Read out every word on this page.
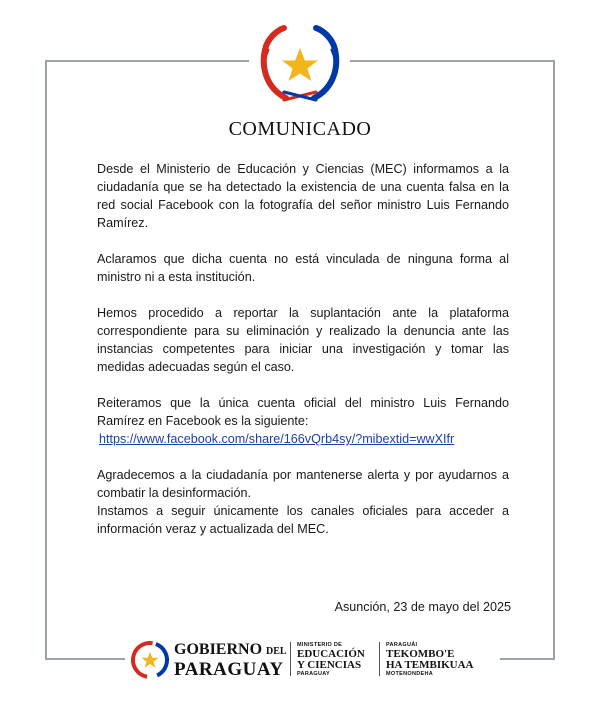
COMUNICADO

Desde el Ministerio de Educación y Ciencias (MEC) informamos a la ciudadanía que se ha detectado la existencia de una cuenta falsa en la red social Facebook con la fotografía del señor ministro Luis Fernando Ramírez.

Aclaramos que dicha cuenta no está vinculada de ninguna forma al ministro ni a esta institución.

Hemos procedido a reportar la suplantación ante la plataforma correspondiente para su eliminación y realizado la denuncia ante las instancias competentes para iniciar una investigación y tomar las medidas adecuadas según el caso.

Reiteramos que la única cuenta oficial del ministro Luis Fernando Ramírez en Facebook es la siguiente:
https://www.facebook.com/share/166vQrb4sy/?mibextid=wwXIfr

Agradecemos a la ciudadanía por mantenerse alerta y por ayudarnos a combatir la desinformación.

Instamos a seguir únicamente los canales oficiales para acceder a información veraz y actualizada del MEC.

Asunción, 23 de mayo del 2025
GOBIERNO DEL
PARAGUAY
MINISTERIO DE
EDUCACIÓN
Y CIENCIAS
PARAGUAY
PARAGUÁI
TEKOMBO'E
HA TEMBIKUAA
MOTENONDEHA
